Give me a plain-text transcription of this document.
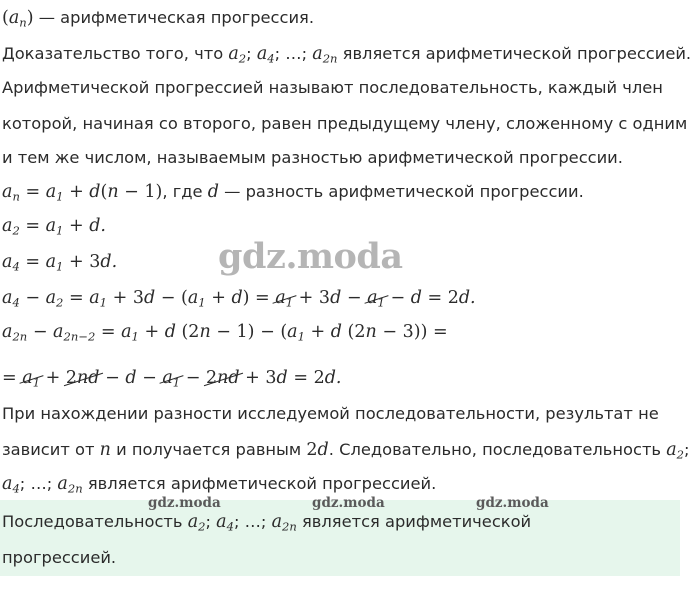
$(a_n)$ — арифметическая прогрессия.
Доказательство того, что $a_2$; $a_4$; …; $a_{2n}$ является арифметической прогрессией.
Арифметической прогрессией называют последовательность, каждый член
которой, начиная со второго, равен предыдущему члену, сложенному с одним
и тем же числом, называемым разностью арифметической прогрессии.
$a_n = a_1 + d(n - 1)$, где d — разность арифметической прогрессии.
$a_2 = a_1 + d$.
$a_4 = a_1 + 3d$.	gdz.moda
$a_4 - a_2 = a_1 + 3d - (a_1 + d) = a_1 + 3d - a_1 - d = 2d$.
$a_{2n} - a_{2n-2} = a_1 + d$ $(2n - 1) - (a_1 + d$ (2n − 3)) =
= $a_1 + 2nd - d - a_1 - 2nd + 3d = 2d$.
При нахождении разности исследуемой последовательности, результат не
зависит от n и получается равным 2d. Следовательно, последовательность $a_2$;
$a_4$; …; $a_{2n}$ является арифметической прогрессией.
gdz.moda	gdz.moda	gdz.moda
Последовательность $a_2$; $a_4$; …; $a_{2n}$ является арифметической
прогрессией.
